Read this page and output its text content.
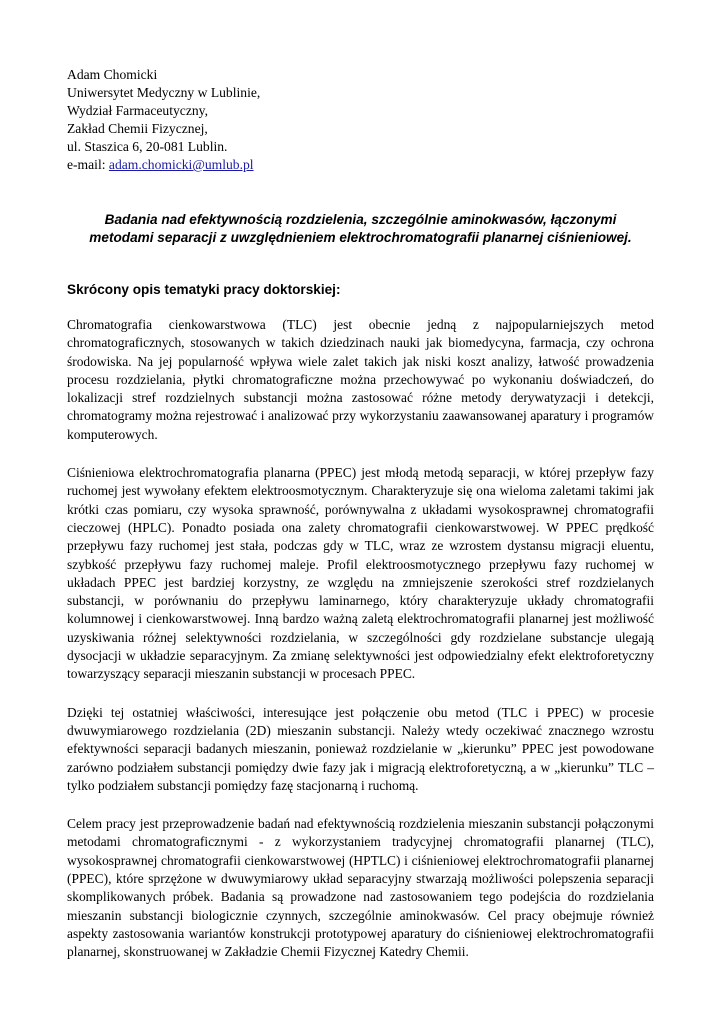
Adam Chomicki
Uniwersytet Medyczny w Lublinie,
Wydział Farmaceutyczny,
Zakład Chemii Fizycznej,
ul. Staszica 6, 20-081 Lublin.
e-mail: adam.chomicki@umlub.pl
Badania nad efektywnością rozdzielenia, szczególnie aminokwasów, łączonymi
metodami separacji z uwzględnieniem elektrochromatografii planarnej ciśnieniowej.
Skrócony opis tematyki pracy doktorskiej:

Chromatografia cienkowarstwowa (TLC) jest obecnie jedną z najpopularniejszych metod chromatograficznych, stosowanych w takich dziedzinach nauki jak biomedycyna, farmacja, czy ochrona środowiska. Na jej popularność wpływa wiele zalet takich jak niski koszt analizy, łatwość prowadzenia procesu rozdzielania, płytki chromatograficzne można przechowywać po wykonaniu doświadczeń, do lokalizacji stref rozdzielnych substancji można zastosować różne metody derywatyzacji i detekcji, chromatogramy można rejestrować i analizować przy wykorzystaniu zaawansowanej aparatury i programów komputerowych.

Ciśnieniowa elektrochromatografia planarna (PPEC) jest młodą metodą separacji, w której przepływ fazy ruchomej jest wywołany efektem elektroosmotycznym. Charakteryzuje się ona wieloma zaletami takimi jak krótki czas pomiaru, czy wysoka sprawność, porównywalna z układami wysokosprawnej chromatografii cieczowej (HPLC). Ponadto posiada ona zalety chromatografii cienkowarstwowej. W PPEC prędkość przepływu fazy ruchomej jest stała, podczas gdy w TLC, wraz ze wzrostem dystansu migracji eluentu, szybkość przepływu fazy ruchomej maleje. Profil elektroosmotycznego przepływu fazy ruchomej w układach PPEC jest bardziej korzystny, ze względu na zmniejszenie szerokości stref rozdzielanych substancji, w porównaniu do przepływu laminarnego, który charakteryzuje układy chromatografii kolumnowej i cienkowarstwowej. Inną bardzo ważną zaletą elektrochromatografii planarnej jest możliwość uzyskiwania różnej selektywności rozdzielania, w szczególności gdy rozdzielane substancje ulegają dysocjacji w układzie separacyjnym. Za zmianę selektywności jest odpowiedzialny efekt elektroforetyczny towarzyszący separacji mieszanin substancji w procesach PPEC.

Dzięki tej ostatniej właściwości, interesujące jest połączenie obu metod (TLC i PPEC) w procesie dwuwymiarowego rozdzielania (2D) mieszanin substancji. Należy wtedy oczekiwać znacznego wzrostu efektywności separacji badanych mieszanin, ponieważ rozdzielanie w „kierunku” PPEC jest powodowane zarówno podziałem substancji pomiędzy dwie fazy jak i migracją elektroforetyczną, a w „kierunku” TLC – tylko podziałem substancji pomiędzy fazę stacjonarną i ruchomą.

Celem pracy jest przeprowadzenie badań nad efektywnością rozdzielenia mieszanin substancji połączonymi metodami chromatograficznymi - z wykorzystaniem tradycyjnej chromatografii planarnej (TLC), wysokosprawnej chromatografii cienkowarstwowej (HPTLC) i ciśnieniowej elektrochromatografii planarnej (PPEC), które sprzężone w dwuwymiarowy układ separacyjny stwarzają możliwości polepszenia separacji skomplikowanych próbek. Badania są prowadzone nad zastosowaniem tego podejścia do rozdzielania mieszanin substancji biologicznie czynnych, szczególnie aminokwasów. Cel pracy obejmuje również aspekty zastosowania wariantów konstrukcji prototypowej aparatury do ciśnieniowej elektrochromatografii planarnej, skonstruowanej w Zakładzie Chemii Fizycznej Katedry Chemii.
